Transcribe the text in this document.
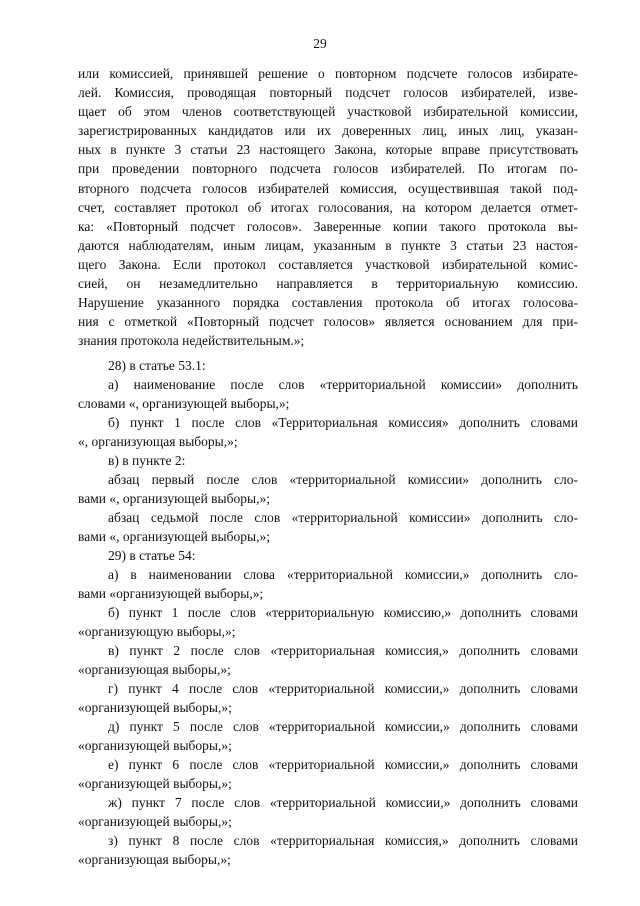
29

или комиссией, принявшей решение о повторном подсчете голосов избирате-

лей. Комиссия, проводящая повторный подсчет голосов избирателей, изве-

щает об этом членов соответствующей участковой избирательной комиссии,

зарегистрированных кандидатов или их доверенных лиц, иных лиц, указан-

ных в пункте 3 статьи 23 настоящего Закона, которые вправе присутствовать

при проведении повторного подсчета голосов избирателей. По итогам по-

вторного подсчета голосов избирателей комиссия, осуществившая такой под-

счет, составляет протокол об итогах голосования, на котором делается отмет-

ка: «Повторный подсчет голосов». Заверенные копии такого протокола вы-

даются наблюдателям, иным лицам, указанным в пункте 3 статьи 23 настоя-

щего Закона. Если протокол составляется участковой избирательной комис-

сией, он незамедлительно направляется в территориальную комиссию.

Нарушение указанного порядка составления протокола об итогах голосова-

ния с отметкой «Повторный подсчет голосов» является основанием для при-

знания протокола недействительным.»;

28) в статье 53.1:

а) наименование после слов «территориальной комиссии» дополнить

словами «, организующей выборы,»;

б) пункт 1 после слов «Территориальная комиссия» дополнить словами

«, организующая выборы,»;

в) в пункте 2:

абзац первый после слов «территориальной комиссии» дополнить сло-

вами «, организующей выборы,»;

абзац седьмой после слов «территориальной комиссии» дополнить сло-

вами «, организующей выборы,»;

29) в статье 54:

а) в наименовании слова «территориальной комиссии,» дополнить сло-

вами «организующей выборы,»;

б) пункт 1 после слов «территориальную комиссию,» дополнить словами

«организующую выборы,»;

в) пункт 2 после слов «территориальная комиссия,» дополнить словами

«организующая выборы,»;

г) пункт 4 после слов «территориальной комиссии,» дополнить словами

«организующей выборы,»;

д) пункт 5 после слов «территориальной комиссии,» дополнить словами

«организующей выборы,»;

е) пункт 6 после слов «территориальной комиссии,» дополнить словами

«организующей выборы,»;

ж) пункт 7 после слов «территориальной комиссии,» дополнить словами

«организующей выборы,»;

з) пункт 8 после слов «территориальная комиссия,» дополнить словами

«организующая выборы,»;
